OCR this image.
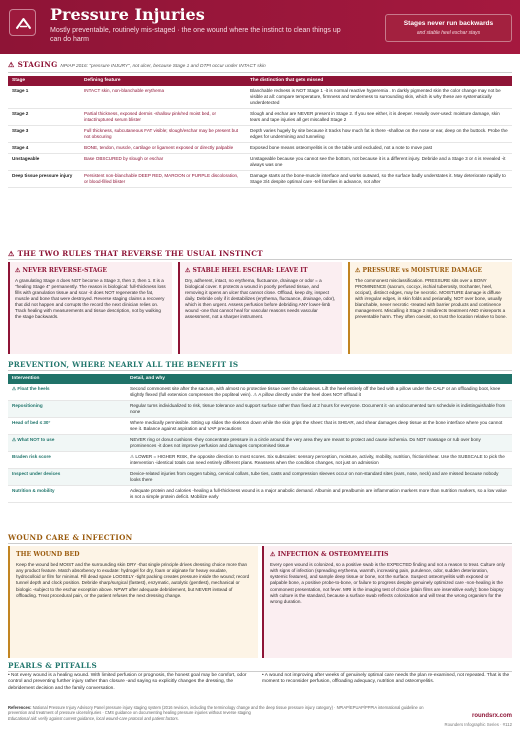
Pressure Injuries
Mostly preventable, routinely mis-staged · the one wound where the instinct to clean things up can do harm
Stages never run backwards
and stable heel eschar stays
⚠ STAGING NPIAP 2016: "pressure INJURY", not ulcer, because Stage 1 and DTPI occur under INTACT skin
Stage	Defining feature	The distinction that gets missed
Stage 1	INTACT skin, non-blanchable erythema	Blanchable redness is NOT Stage 1 -it is normal reactive hyperemia . In darkly pigmented skin the color change may not be visible at all: compare temperature, firmness and tenderness to surrounding skin, which is why these are systematically underdetected
Stage 2	Partial thickness, exposed dermis -shallow pink/red moist bed, or intact/ruptured serum blister	Slough and eschar are NEVER present in Stage 2. If you see either, it is deeper. Heavily over-used: moisture damage, skin tears and tape injuries all get miscalled Stage 2
Stage 3	Full thickness, subcutaneous FAT visible; slough/eschar may be present but not obscuring	Depth varies hugely by site because it tracks how much fat is there -shallow on the nose or ear, deep on the buttock. Probe the edges for undermining and tunneling
Stage 4	BONE, tendon, muscle, cartilage or ligament exposed or directly palpable	Exposed bone means osteomyelitis is on the table until excluded, not a note to move past
Unstageable	Base OBSCURED by slough or eschar	Unstageable because you cannot see the bottom, not because it is a different injury. Debride and a Stage 3 or 4 is revealed -it always was one
Deep tissue pressure injury	Persistent non-blanchable DEEP RED, MAROON or PURPLE discoloration, or blood-filled blister	Damage starts at the bone-muscle interface and works outward, so the surface badly understates it. May deteriorate rapidly to Stage 3/4 despite optimal care -tell families in advance, not after
⚠ THE TWO RULES THAT REVERSE THE USUAL INSTINCT
⚠ NEVER REVERSE-STAGE

A granulating Stage 4 does NOT become a Stage 3, then 2, then 1. It is a "healing Stage 4" permanently. The reason is biological: full-thickness loss fills with granulation tissue and scar -it does NOT regenerate the fat, muscle and bone that were destroyed. Reverse staging claims a recovery that did not happen and corrupts the record the next clinician relies on. Track healing with measurements and tissue description, not by walking the stage backwards.

⚠ STABLE HEEL ESCHAR: LEAVE IT

Dry, adherent, intact, no erythema, fluctuance, drainage or odor = a biological cover. It protects a wound in poorly perfused tissue, and removing it opens an ulcer that cannot close. Offload, keep dry, inspect daily. Debride only if it destabilizes (erythema, fluctuance, drainage, odor), which is then urgent. Assess perfusion before debriding ANY lower-limb wound -one that cannot heal for vascular reasons needs vascular assessment, not a sharper instrument.

⚠ PRESSURE vs MOISTURE DAMAGE

The commonest misclassification. PRESSURE sits over a BONY PROMINENCE (sacrum, coccyx, ischial tuberosity, trochanter, heel, occiput), distinct edges, may be necrotic. MOISTURE damage is diffuse with irregular edges, in skin folds and perianally, NOT over bone, usually blanchable, never necrotic -treated with barrier products and continence management. Miscalling it Stage 2 misdirects treatment AND misreports a preventable harm. They often coexist, so trust the location relative to bone.

PREVENTION, WHERE NEARLY ALL THE BENEFIT IS
Intervention	Detail, and why
⚠ Float the heels	Second commonest site after the sacrum, with almost no protective tissue over the calcaneus. Lift the heel entirely off the bed with a pillow under the CALF or an offloading boot, knee slightly flexed (full extension compresses the popliteal vein). ⚠ A pillow directly under the heel does NOT offload it
Repositioning	Regular turns individualized to risk, tissue tolerance and support surface rather than fixed at 2 hours for everyone. Document it -an undocumented turn schedule is indistinguishable from none
Head of bed ≤ 30°	Where medically permissible. Sitting up slides the skeleton down while the skin grips the sheet: that is SHEAR, and shear damages deep tissue at the bone interface where you cannot see it. Balance against aspiration and VAP precautions
⚠ What NOT to use	NEVER ring or donut cushions -they concentrate pressure in a circle around the very area they are meant to protect and cause ischemia. Do NOT massage or rub over bony prominences -it does not improve perfusion and damages compromised tissue
Braden risk score	⚠ LOWER = HIGHER RISK, the opposite direction to most scores. Six subscales: sensory perception, moisture, activity, mobility, nutrition, friction/shear. Use the SUBSCALE to pick the intervention -identical totals can need entirely different plans. Reassess when the condition changes, not just on admission
Inspect under devices	Device-related injuries from oxygen tubing, cervical collars, tube ties, casts and compression sleeves occur on non-standard sites (ears, nose, neck) and are missed because nobody looks there
Nutrition & mobility	Adequate protein and calories -healing a full-thickness wound is a major anabolic demand. Albumin and prealbumin are inflammation markers more than nutrition markers, so a low value is not a simple protein deficit. Mobilize early
WOUND CARE & INFECTION
THE WOUND BED

Keep the wound bed MOIST and the surrounding skin DRY -that single principle drives dressing choice more than any product feature. Match absorbency to exudate: hydrogel for dry, foam or alginate for heavy exudate, hydrocolloid or film for minimal. Fill dead space LOOSELY -tight packing creates pressure inside the wound; record tunnel depth and clock position. Debride sharp/surgical (fastest), enzymatic, autolytic (gentlest), mechanical or biologic -subject to the eschar exception above. NPWT after adequate debridement, but NEVER instead of offloading. Treat procedural pain, or the patient refuses the next dressing change.

⚠ INFECTION & OSTEOMYELITIS

Every open wound is colonized, so a positive swab is the EXPECTED finding and not a reason to treat. Culture only with signs of infection (spreading erythema, warmth, increasing pain, purulence, odor, sudden deterioration, systemic features), and sample deep tissue or bone, not the surface. Suspect osteomyelitis with exposed or palpable bone, a positive probe-to-bone, or failure to progress despite genuinely optimized care -non-healing is the commonest presentation, not fever. MRI is the imaging test of choice (plain films are insensitive early); bone biopsy with culture is the standard, because a surface swab reflects colonization and will treat the wrong organism for the wrong duration.

PEARLS & PITFALLS
• Not every wound is a healing wound. With limited perfusion or prognosis, the honest goal may be comfort, odor control and preventing further injury rather than closure -and saying so explicitly changes the dressing, the debridement decision and the family conversation.
• A wound not improving after weeks of genuinely optimal care needs the plan re-examined, not repeated. That is the moment to reconsider perfusion, offloading adequacy, nutrition and osteomyelitis.
References: National Pressure Injury Advisory Panel pressure injury staging system (2016 revision, including the terminology change and the deep tissue pressure injury category) · NPIAP/EPUAP/PPPIA international guideline on prevention and treatment of pressure ulcers/injuries · CMS guidance on documenting healing pressure injuries without reverse staging
Educational aid: verify against current guidance, local wound-care protocol and patient factors.	roundsrx.com
Rounders Infographic Series · #112
